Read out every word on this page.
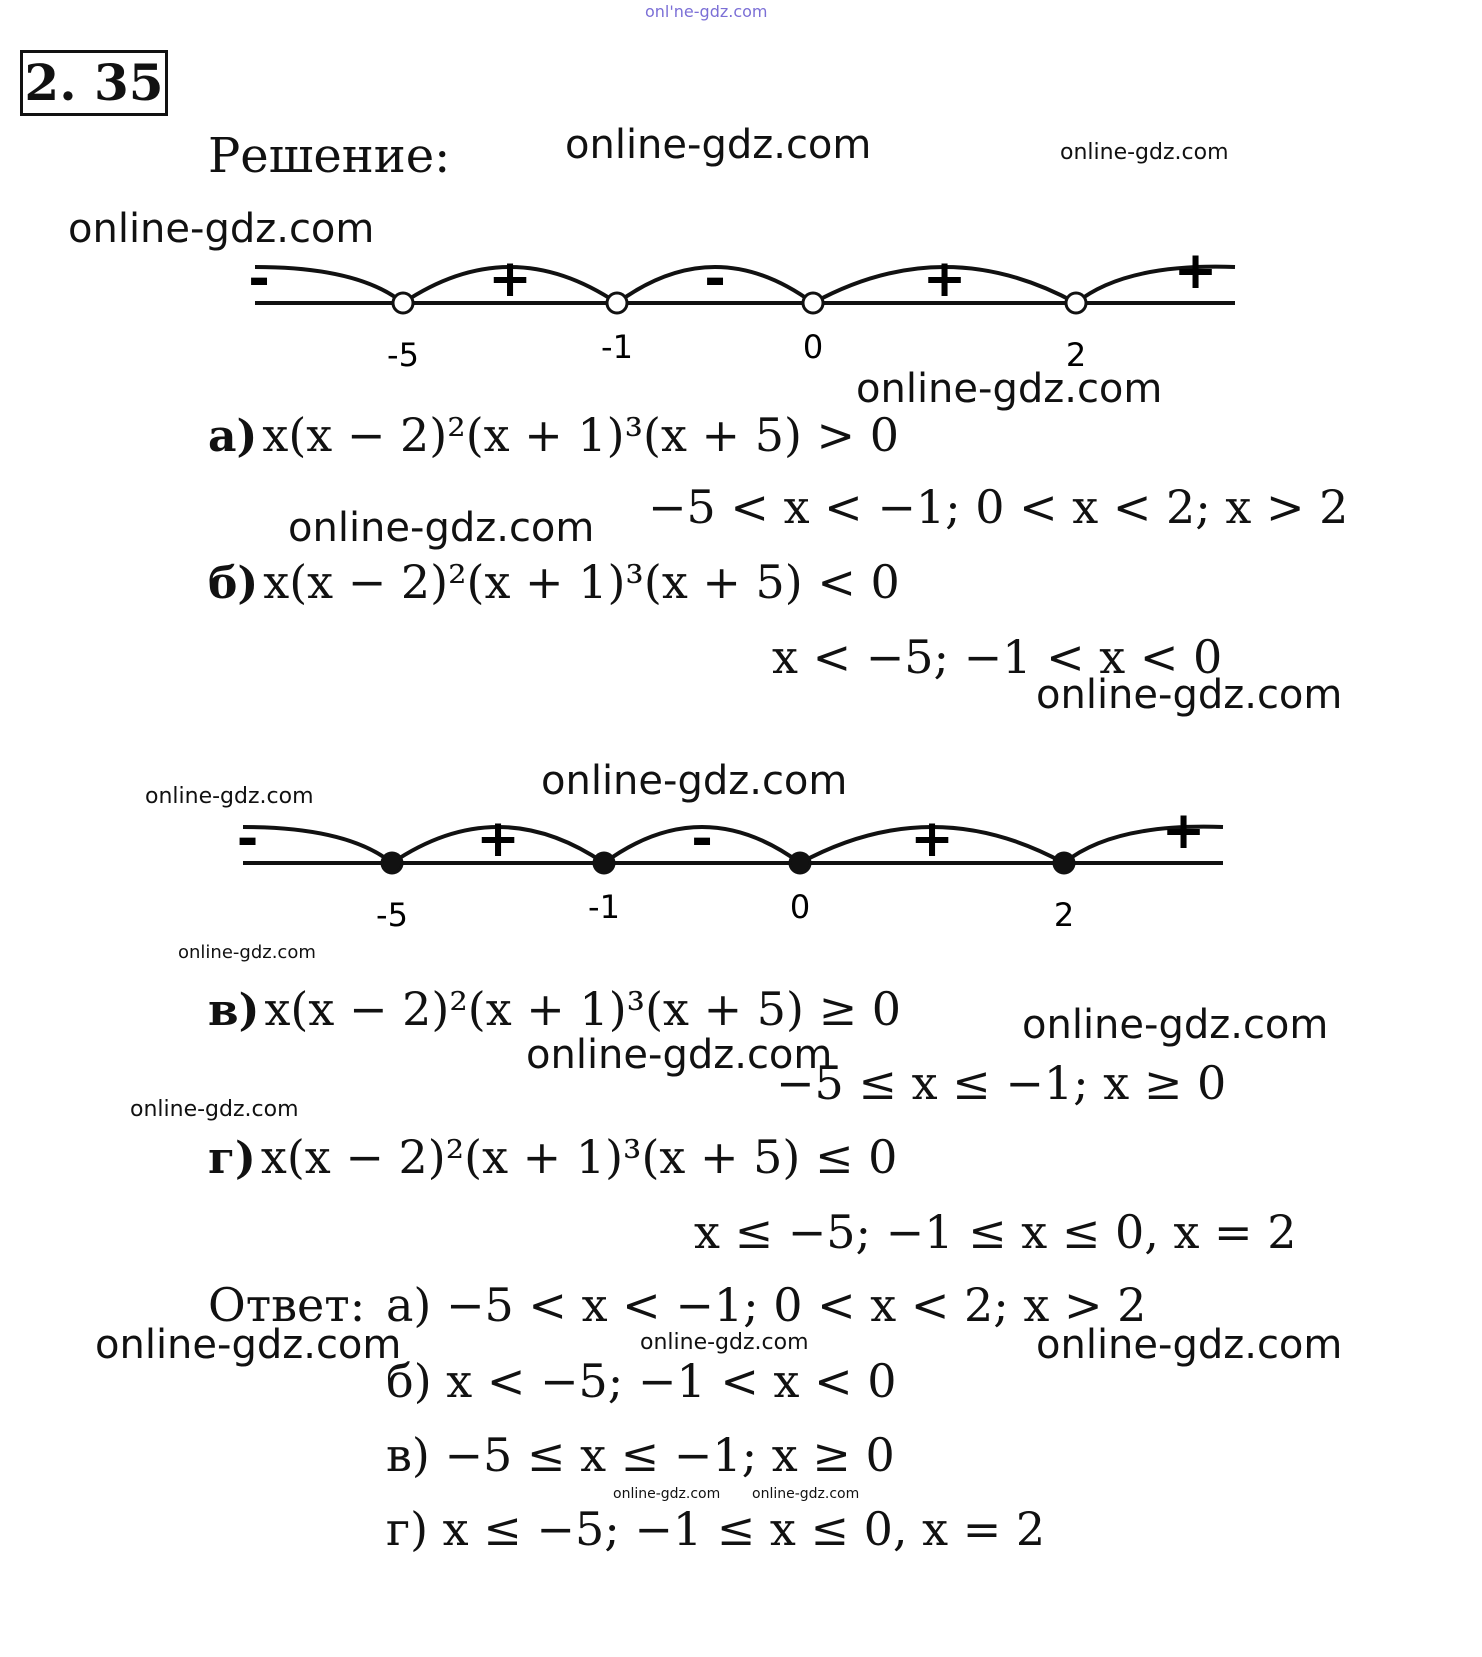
onl'ne-gdz.com
2. 35
Решение:	online-gdz.com	online-gdz.com
online-gdz.com
-	+	-	+	+
-5	-1	0	2
online-gdz.com
а) x(x − 2)²(x + 1)³(x + 5) > 0
−5 < x < −1; 0 < x < 2; x > 2
online-gdz.com
б) x(x − 2)²(x + 1)³(x + 5) < 0
x < −5; −1 < x < 0
online-gdz.com
online-gdz.com
online-gdz.com
-	+	-	+	+
-5	-1	0	2
online-gdz.com
в) x(x − 2)²(x + 1)³(x + 5) ≥ 0	online-gdz.com
online-gdz.com
−5 ≤ x ≤ −1; x ≥ 0
online-gdz.com
г) x(x − 2)²(x + 1)³(x + 5) ≤ 0
x ≤ −5; −1 ≤ x ≤ 0, x = 2
Ответ: а) −5 < x < −1; 0 < x < 2; x > 2
online-gdz.com	online-gdz.com	online-gdz.com
б) x < −5; −1 < x < 0
в) −5 ≤ x ≤ −1; x ≥ 0
online-gdz.com online-gdz.com
г) x ≤ −5; −1 ≤ x ≤ 0, x = 2
